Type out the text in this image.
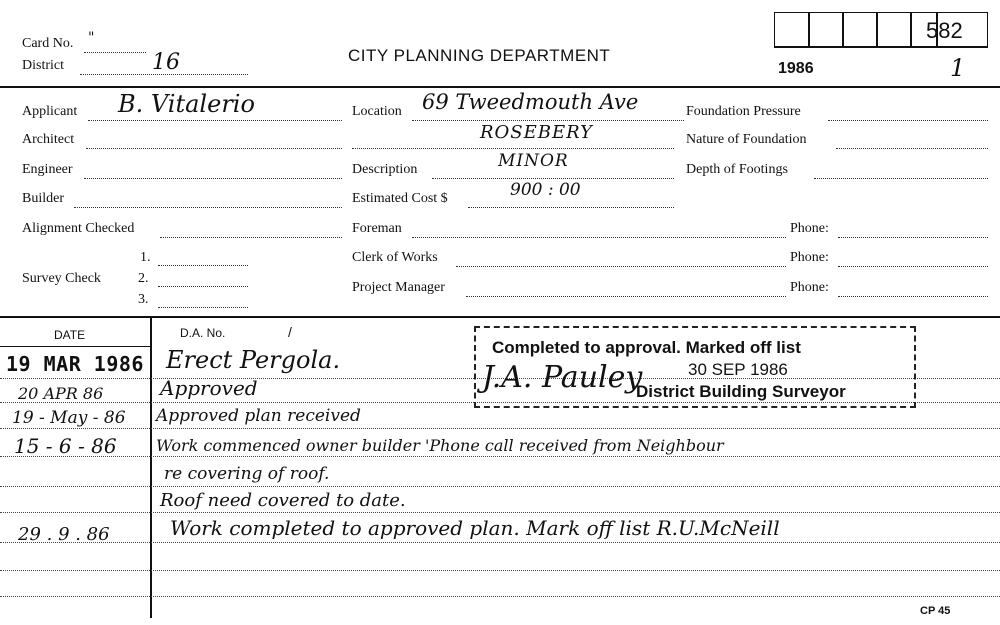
Card No. "
District	16	CITY PLANNING DEPARTMENT
582
1986	1
Applicant B. Vitalerio
Architect
Engineer
Builder
Alignment Checked
Survey Check
1.
2.
3.
Location 69 Tweedmouth Ave
ROSEBERY
Description	MINOR
Estimated Cost $	900 : 00
Foreman
Clerk of Works
Project Manager
Foundation Pressure
Nature of Foundation
Depth of Footings
Phone:
Phone:
Phone:
DATE	D.A. No.	/
19 MAR 1986 Erect Pergola.
20 APR 86	Approved
19 - May - 86 Approved plan received
15 - 6 - 86 Work commenced owner builder 'Phone call received from Neighbour
re covering of roof.
Roof need covered to date.
29 . 9 . 86	Work completed to approved plan. Mark off list R.U.McNeill
Completed to approval. Marked off list
30 SEP 1986
District Building Surveyor
J.A. Pauley
CP 45
